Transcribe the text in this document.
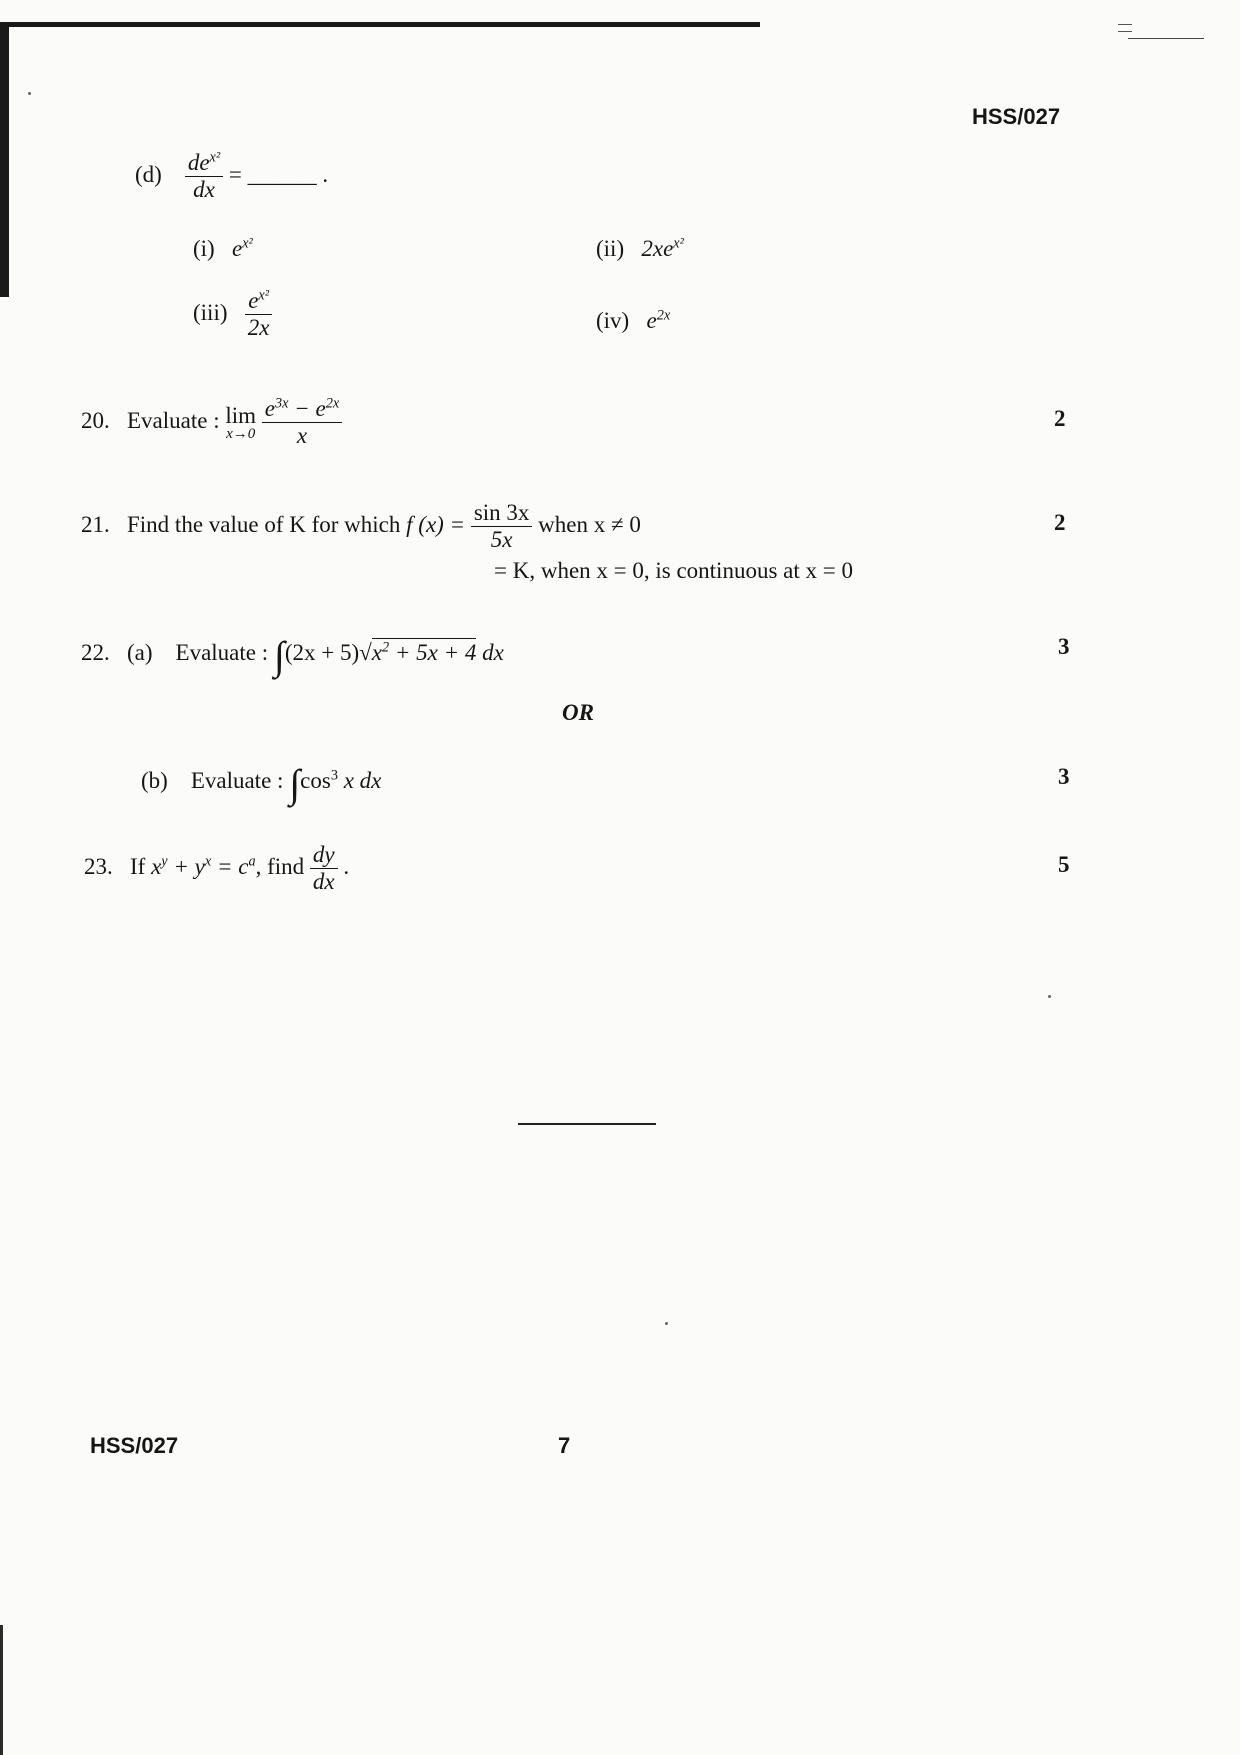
HSS/027
$(d) \frac{de^{x^2}}{dx}$ = ______ .
(i) $e^{x^2}$	(ii) $2xe^{x^2}$
$(iii) \frac{e^{x^2}}{2x}$	(iv) $e^{2x}$
20. Evaluate : lim
x→0
$\frac{e^{3x} - e^{2x}}{x}$	2
21. Find the value of K for which f $(x) = \frac{\sin 3x}{5x}$ when x ≠ 0
= K, when x = 0, is continuous at x = 0
2
22. (a) Evaluate : $\int(2x + 5)√x^2 + 5x + 4$ dx	3
OR
(b) Evaluate : $\int\cos^3$ x dx	3
23. If $x^y + y^x = c^a$, find $\frac{dy}{dx}$ .	5
HSS/027	7
